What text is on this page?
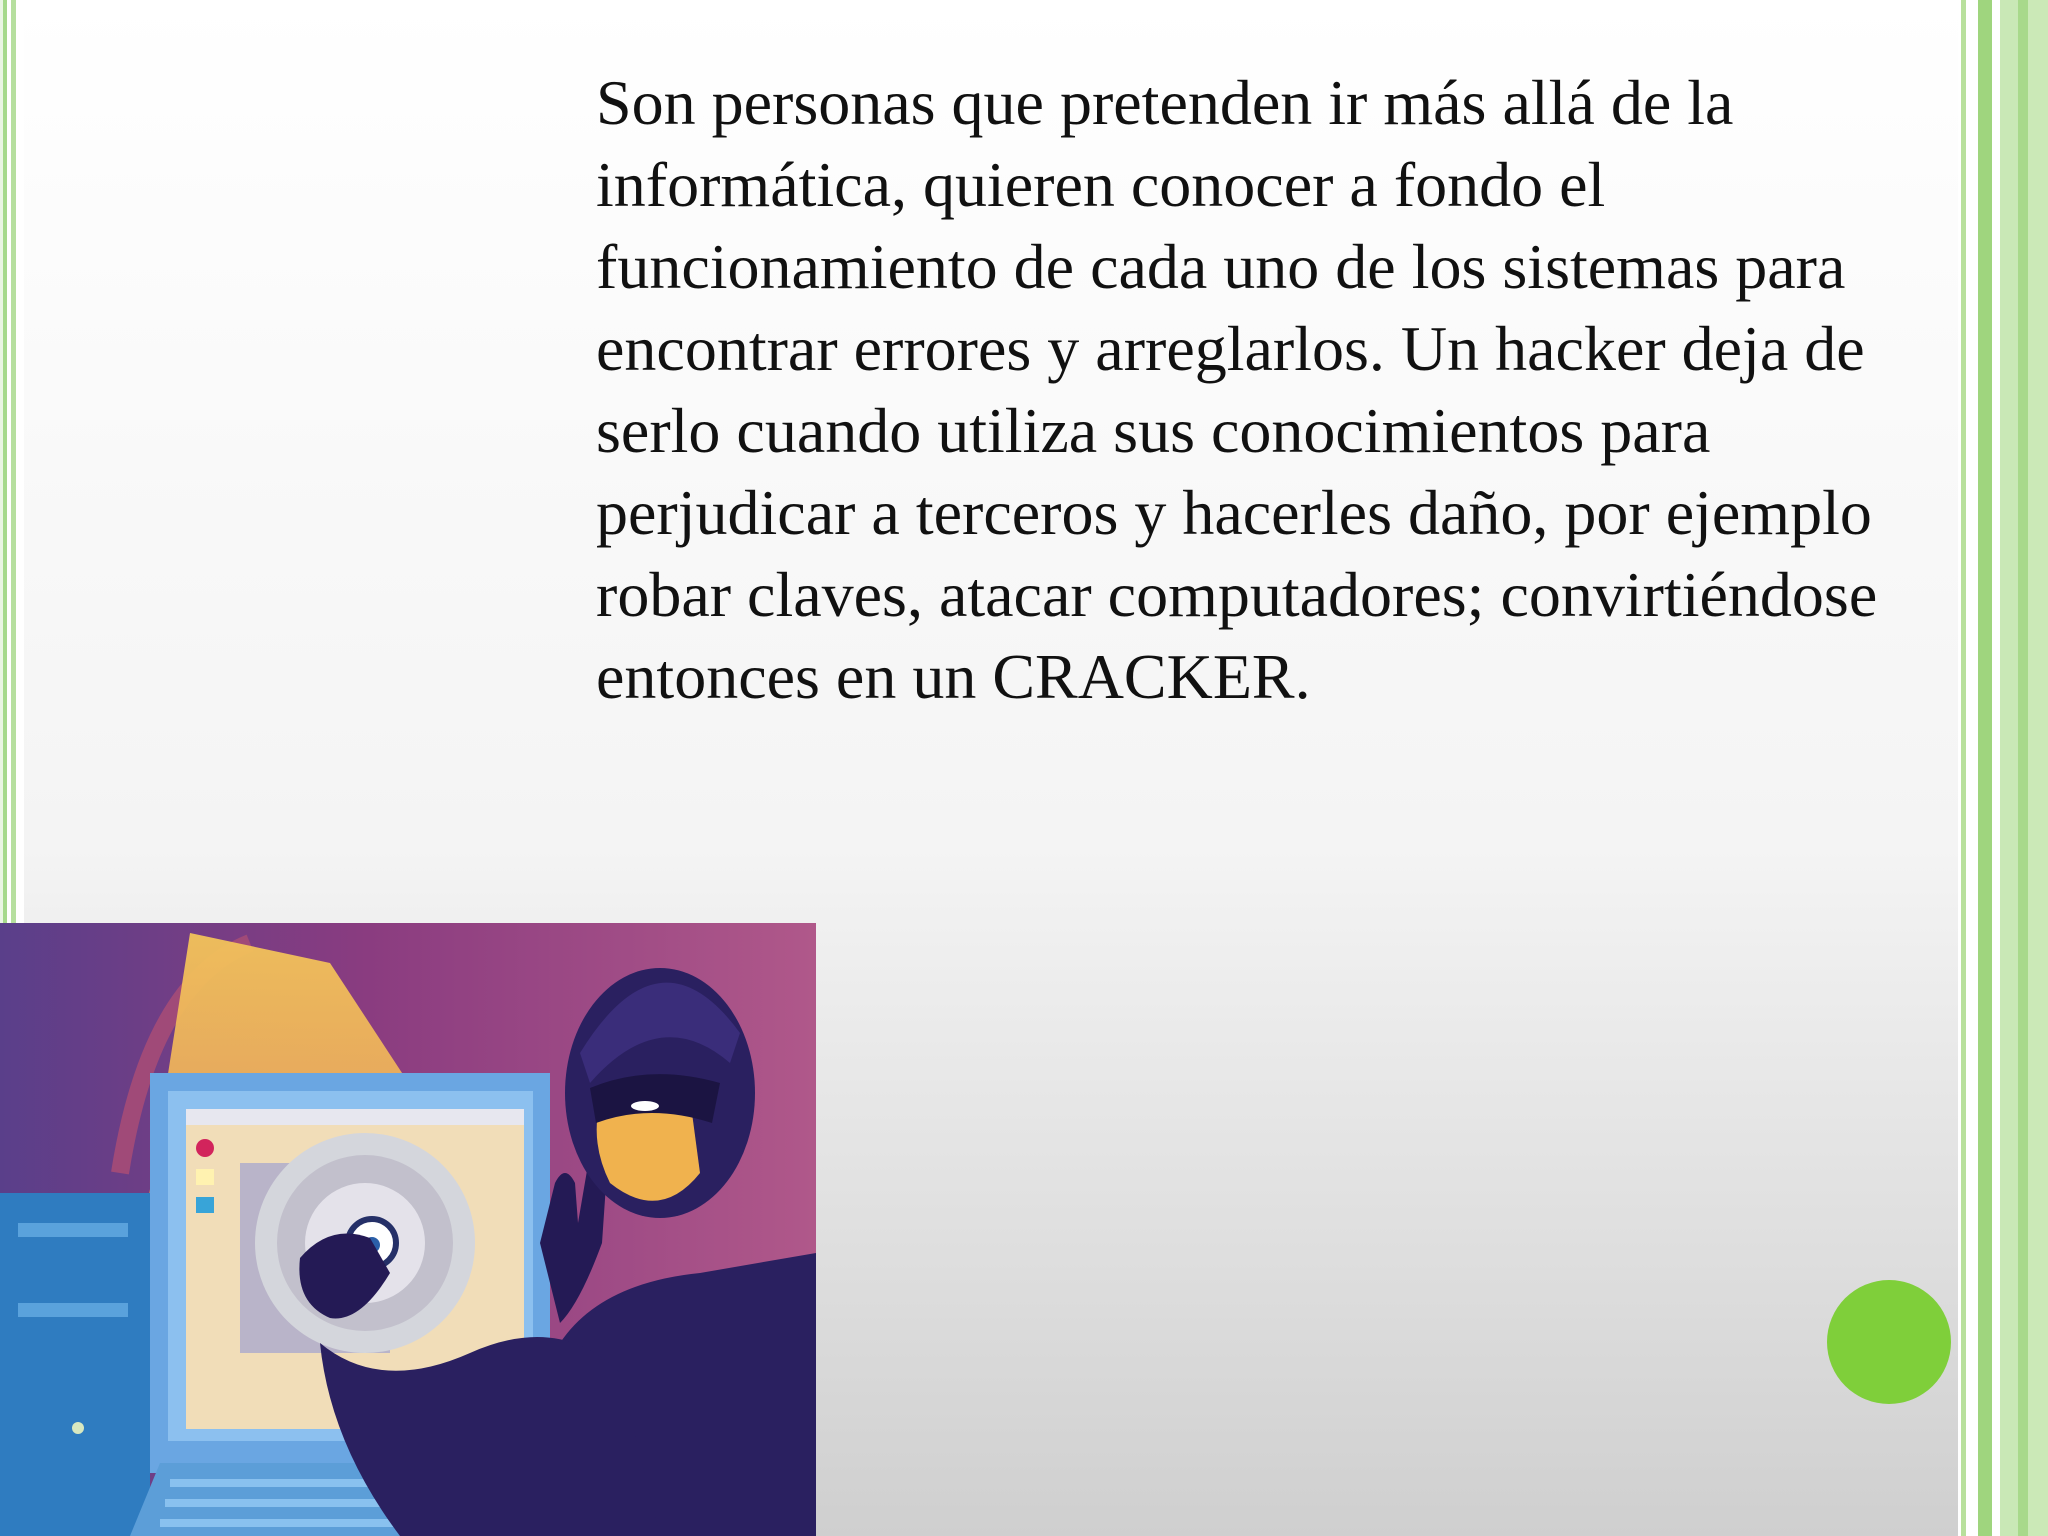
Son personas que pretenden ir más allá de la informática, quieren conocer a fondo el funcionamiento de cada uno de los sistemas para encontrar errores y arreglarlos. Un hacker deja de serlo cuando utiliza sus conocimientos para perjudicar a terceros y hacerles daño, por ejemplo robar claves, atacar computadores; convirtiéndose entonces en un CRACKER.
